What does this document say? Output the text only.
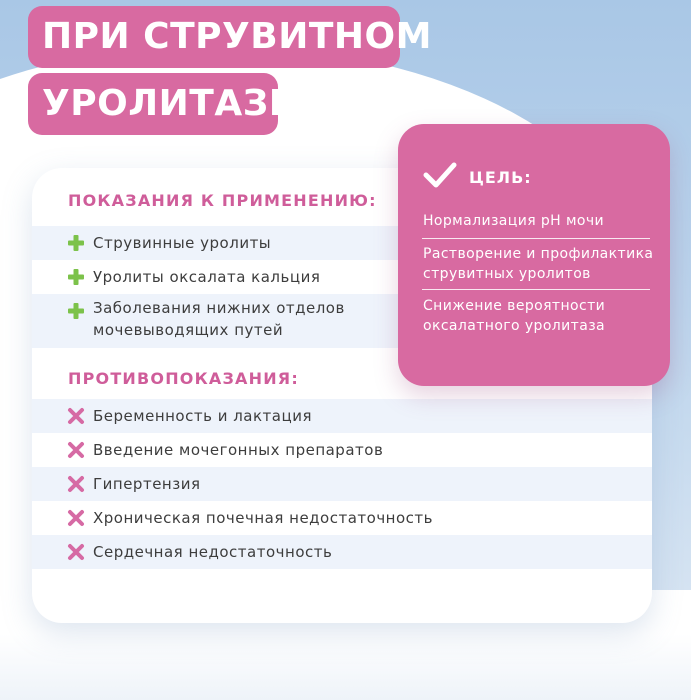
ПРИ СТРУВИТНОМ
УРОЛИТАЗЕ
ПОКАЗАНИЯ К ПРИМЕНЕНИЮ:
Струвинные уролиты
Уролиты оксалата кальция
Заболевания нижних отделов мочевыводящих путей
ПРОТИВОПОКАЗАНИЯ:
Беременность и лактация
Введение мочегонных препаратов
Гипертензия
Хроническая почечная недостаточность
Сердечная недостаточность
ЦЕЛЬ:
Нормализация pH мочи
Растворение и профилактика струвитных уролитов
Снижение вероятности оксалатного уролитаза
